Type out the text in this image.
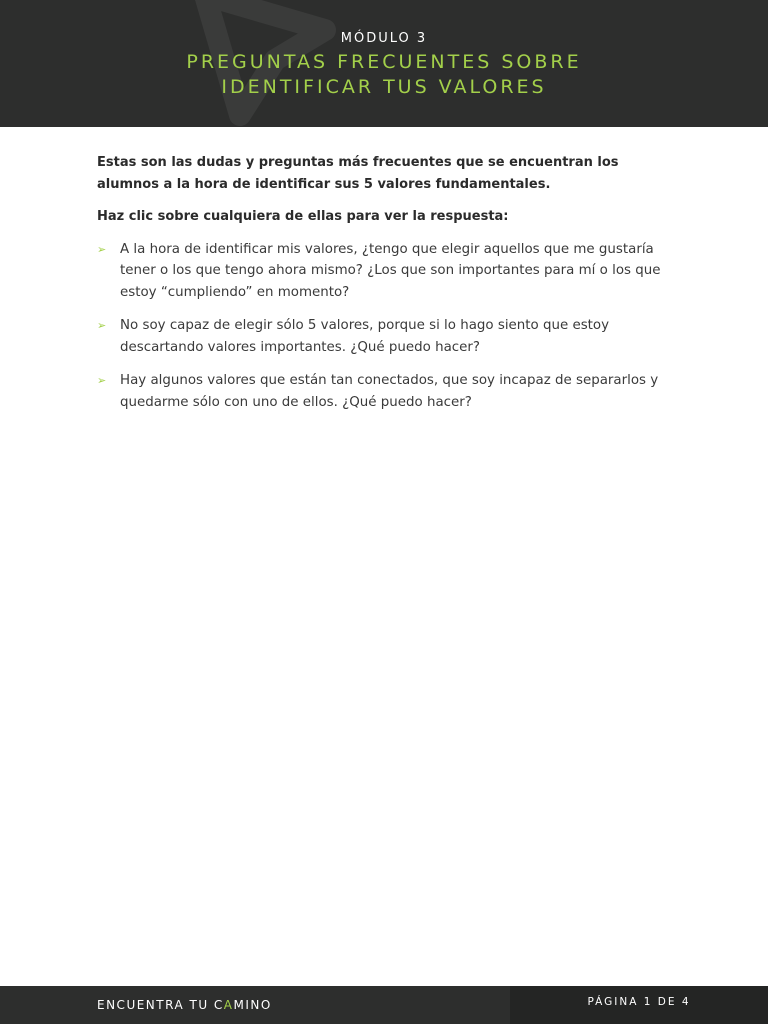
MÓDULO 3
PREGUNTAS FRECUENTES SOBRE
IDENTIFICAR TUS VALORES

Estas son las dudas y preguntas más frecuentes que se encuentran los alumnos a la hora de identificar sus 5 valores fundamentales.

Haz clic sobre cualquiera de ellas para ver la respuesta:

➢ A la hora de identificar mis valores, ¿tengo que elegir aquellos que me gustaría tener o los que tengo ahora mismo? ¿Los que son importantes para mí o los que estoy “cumpliendo” en momento?
➢ No soy capaz de elegir sólo 5 valores, porque si lo hago siento que estoy descartando valores importantes. ¿Qué puedo hacer?
➢ Hay algunos valores que están tan conectados, que soy incapaz de separarlos y quedarme sólo con uno de ellos. ¿Qué puedo hacer?
ENCUENTRA TU CAMINO	PÁGINA 1 DE 4
